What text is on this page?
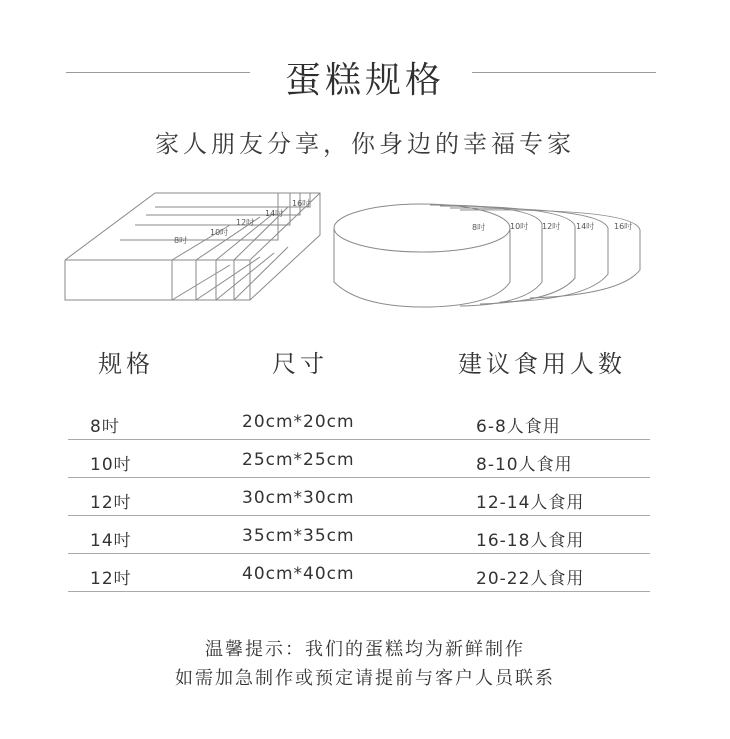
蛋糕规格
家人朋友分享，你身边的幸福专家
8吋
10吋
12吋
14吋
16吋
8吋	10吋 12吋 14吋 16吋
规格	尺寸	建议食用人数
8吋	20cm*20cm	6-8人食用
10吋	25cm*25cm	8-10人食用
12吋	30cm*30cm	12-14人食用
14吋	35cm*35cm	16-18人食用
12吋	40cm*40cm	20-22人食用
温馨提示：我们的蛋糕均为新鲜制作
如需加急制作或预定请提前与客户人员联系
